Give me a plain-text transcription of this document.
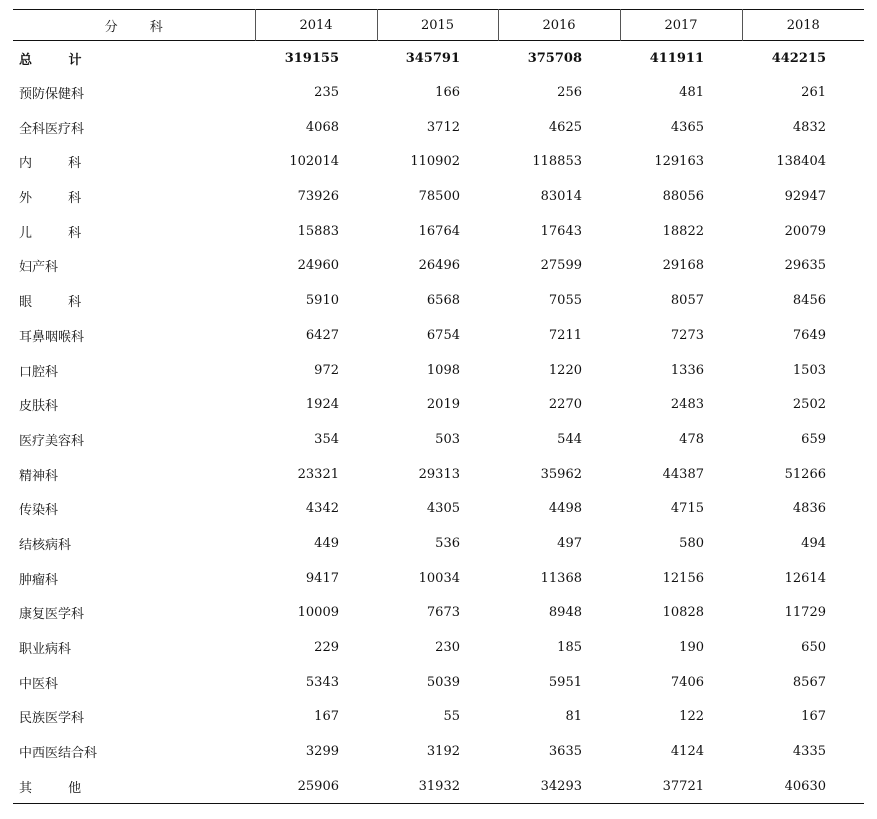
分 科	2014	2015	2016	2017	2018
总 计	319155	345791	375708	411911	442215
预防保健科	235	166	256	481	261
全科医疗科	4068	3712	4625	4365	4832
内 科	102014	110902	118853	129163	138404
外 科	73926	78500	83014	88056	92947
儿 科	15883	16764	17643	18822	20079
妇产科	24960	26496	27599	29168	29635
眼 科	5910	6568	7055	8057	8456
耳鼻咽喉科	6427	6754	7211	7273	7649
口腔科	972	1098	1220	1336	1503
皮肤科	1924	2019	2270	2483	2502
医疗美容科	354	503	544	478	659
精神科	23321	29313	35962	44387	51266
传染科	4342	4305	4498	4715	4836
结核病科	449	536	497	580	494
肿瘤科	9417	10034	11368	12156	12614
康复医学科	10009	7673	8948	10828	11729
职业病科	229	230	185	190	650
中医科	5343	5039	5951	7406	8567
民族医学科	167	55	81	122	167
中西医结合科	3299	3192	3635	4124	4335
其 他	25906	31932	34293	37721	40630
